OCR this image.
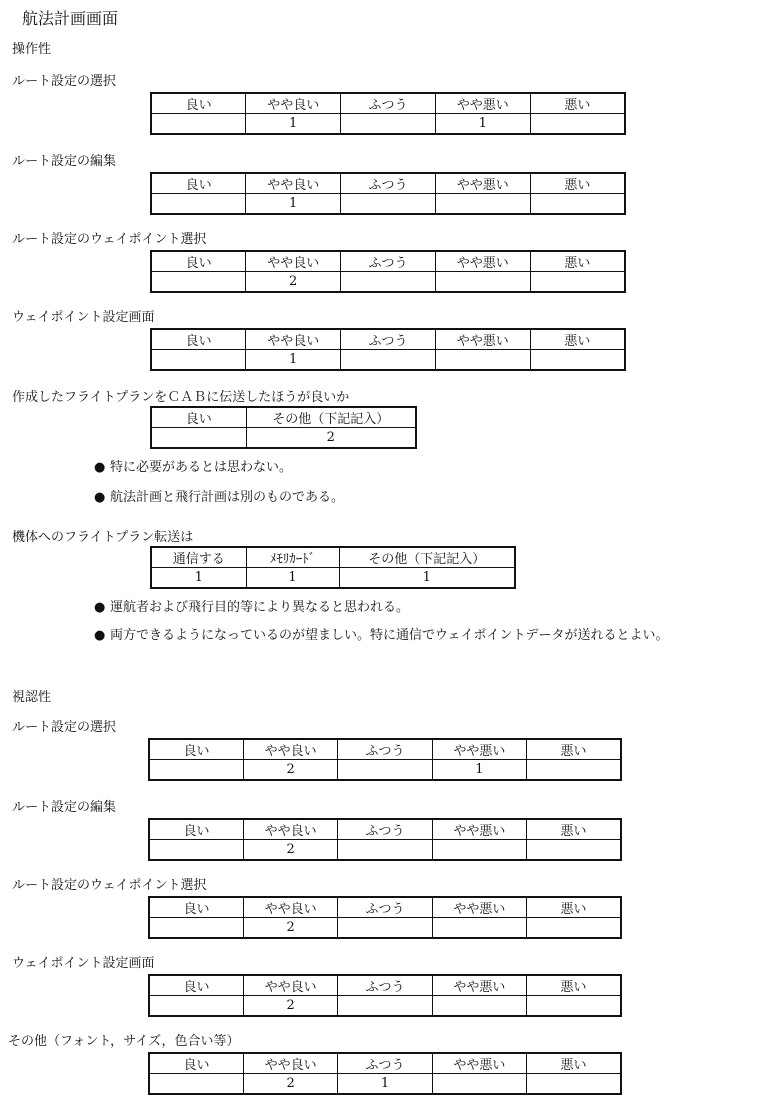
航法計画画面
操作性
ルート設定の選択
良い	やや良い	ふつう	やや悪い	悪い
	1		1	
ルート設定の編集
良い	やや良い	ふつう	やや悪い	悪い
	1			
ルート設定のウェイポイント選択
良い	やや良い	ふつう	やや悪い	悪い
	2			
ウェイポイント設定画面
良い	やや良い	ふつう	やや悪い	悪い
	1			
作成したフライトプランをＣＡＢに伝送したほうが良いか
良い	その他（下記記入）
	2
● 特に必要があるとは思わない。
● 航法計画と飛行計画は別のものである。
機体へのフライトプラン転送は
通信する	ﾒﾓﾘｶｰﾄﾞ	その他（下記記入）
1	1	1
● 運航者および飛行目的等により異なると思われる。
● 両方できるようになっているのが望ましい。特に通信でウェイポイントデータが送れるとよい。
視認性
ルート設定の選択
良い	やや良い	ふつう	やや悪い	悪い
	2		1	
ルート設定の編集
良い	やや良い	ふつう	やや悪い	悪い
	2			
ルート設定のウェイポイント選択
良い	やや良い	ふつう	やや悪い	悪い
	2			
ウェイポイント設定画面
良い	やや良い	ふつう	やや悪い	悪い
	2			
その他（フォント，サイズ，色合い等）
良い	やや良い	ふつう	やや悪い	悪い
	2	1		
